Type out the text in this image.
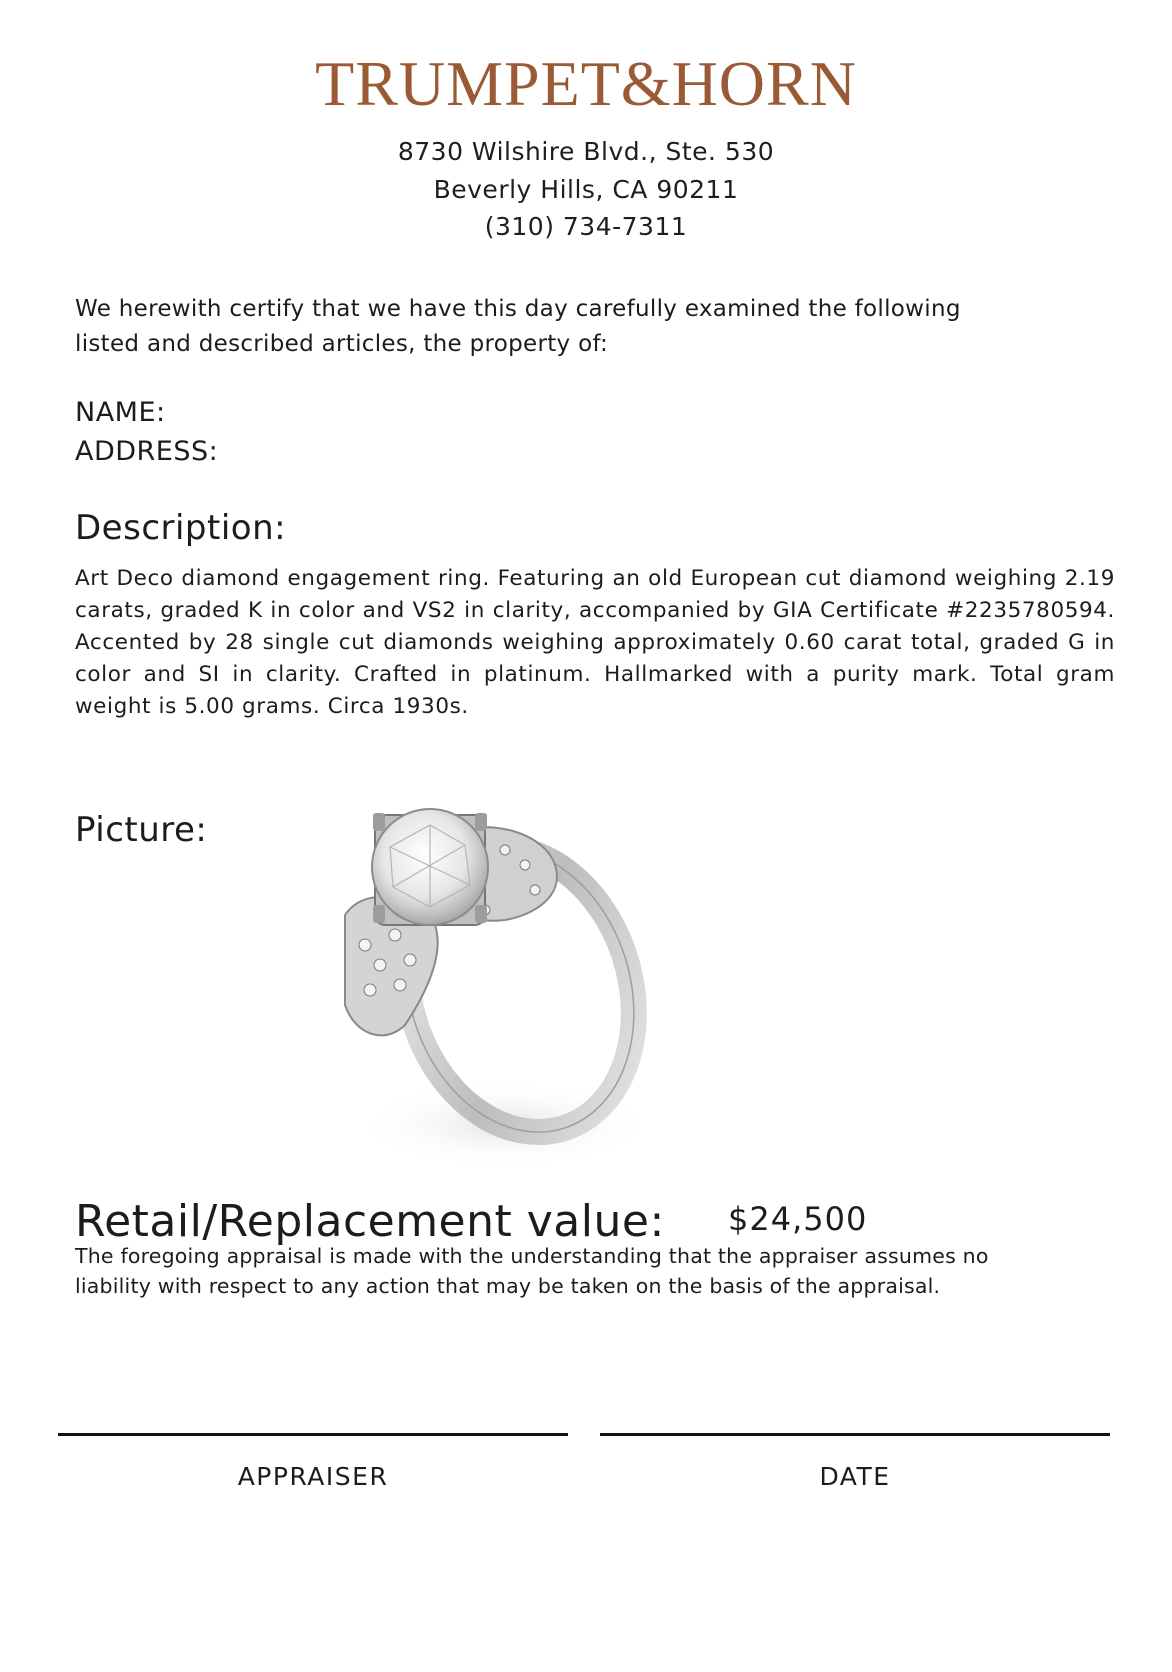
TRUMPET&HORN
8730 Wilshire Blvd., Ste. 530
Beverly Hills, CA 90211
(310) 734-7311
We herewith certify that we have this day carefully examined the following
listed and described articles, the property of:
NAME:
ADDRESS:
Description:
Art Deco diamond engagement ring. Featuring an old European cut diamond weighing 2.19 carats, graded K in color and VS2 in clarity, accompanied by GIA Certificate #2235780594. Accented by 28 single cut diamonds weighing approximately 0.60 carat total, graded G in color and SI in clarity. Crafted in platinum. Hallmarked with a purity mark. Total gram weight is 5.00 grams. Circa 1930s.
Picture:
Retail/Replacement value: $24,500
The foregoing appraisal is made with the understanding that the appraiser assumes no
liability with respect to any action that may be taken on the basis of the appraisal.
APPRAISER	DATE
